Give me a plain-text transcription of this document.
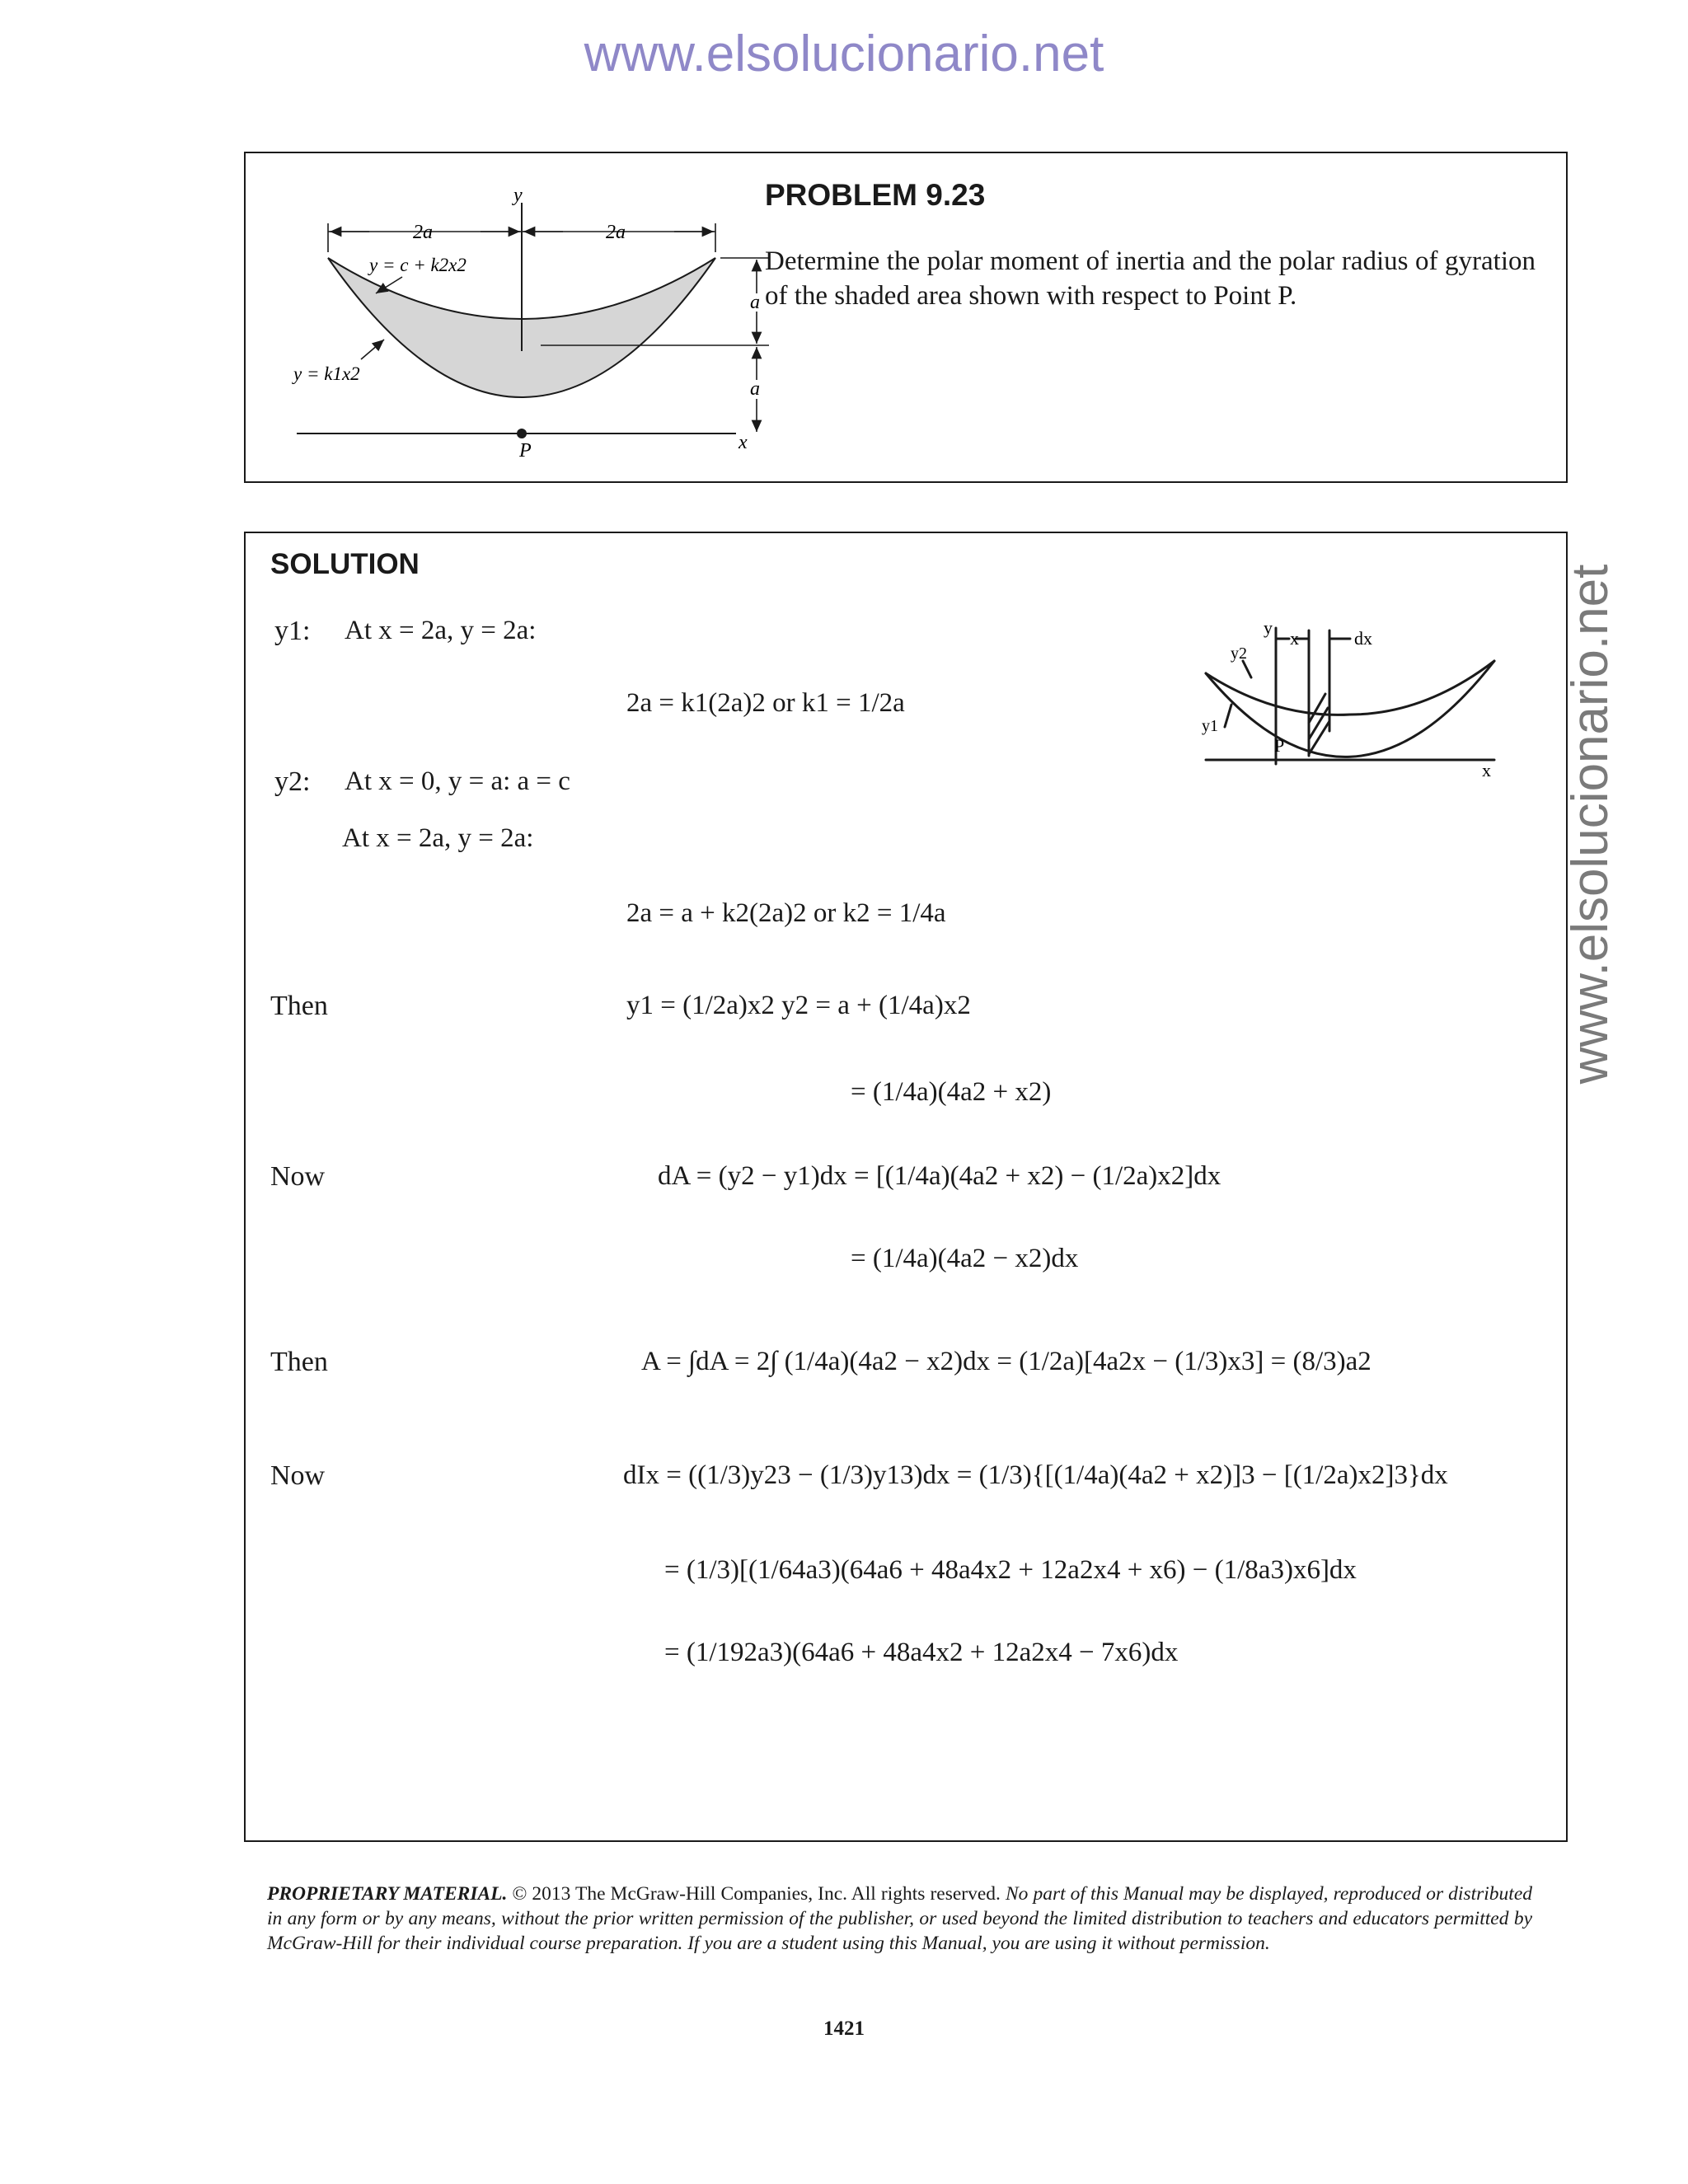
www.elsolucionario.net
www.elsolucionario.net
y
x
2a	2a
y = c + k2x2
y = k1x2
a
a
P
PROBLEM 9.23
Determine the polar moment of inertia and the polar radius of gyration of the shaded area shown with respect to Point P.
SOLUTION
y
x	dx
y2
y1
P
x
y1:
y2:
Then
Now
Then
Now
At x = 2a, y = 2a:
2a = k1(2a)2 or k1 = 1/2a
At x = 0, y = a: a = c
At x = 2a, y = 2a:
2a = a + k2(2a)2 or k2 = 1/4a
y1 = (1/2a)x2 y2 = a + (1/4a)x2
= (1/4a)(4a2 + x2)
dA = (y2 − y1)dx = [(1/4a)(4a2 + x2) − (1/2a)x2]dx
= (1/4a)(4a2 − x2)dx
A = ∫dA = 2∫ (1/4a)(4a2 − x2)dx = (1/2a)[4a2x − (1/3)x3] = (8/3)a2
dIx = ((1/3)y23 − (1/3)y13)dx = (1/3){[(1/4a)(4a2 + x2)]3 − [(1/2a)x2]3}dx
= (1/3)[(1/64a3)(64a6 + 48a4x2 + 12a2x4 + x6) − (1/8a3)x6]dx
= (1/192a3)(64a6 + 48a4x2 + 12a2x4 − 7x6)dx
PROPRIETARY MATERIAL. © 2013 The McGraw-Hill Companies, Inc. All rights reserved. No part of this Manual may be displayed, reproduced or distributed in any form or by any means, without the prior written permission of the publisher, or used beyond the limited distribution to teachers and educators permitted by McGraw-Hill for their individual course preparation. If you are a student using this Manual, you are using it without permission.
1421
